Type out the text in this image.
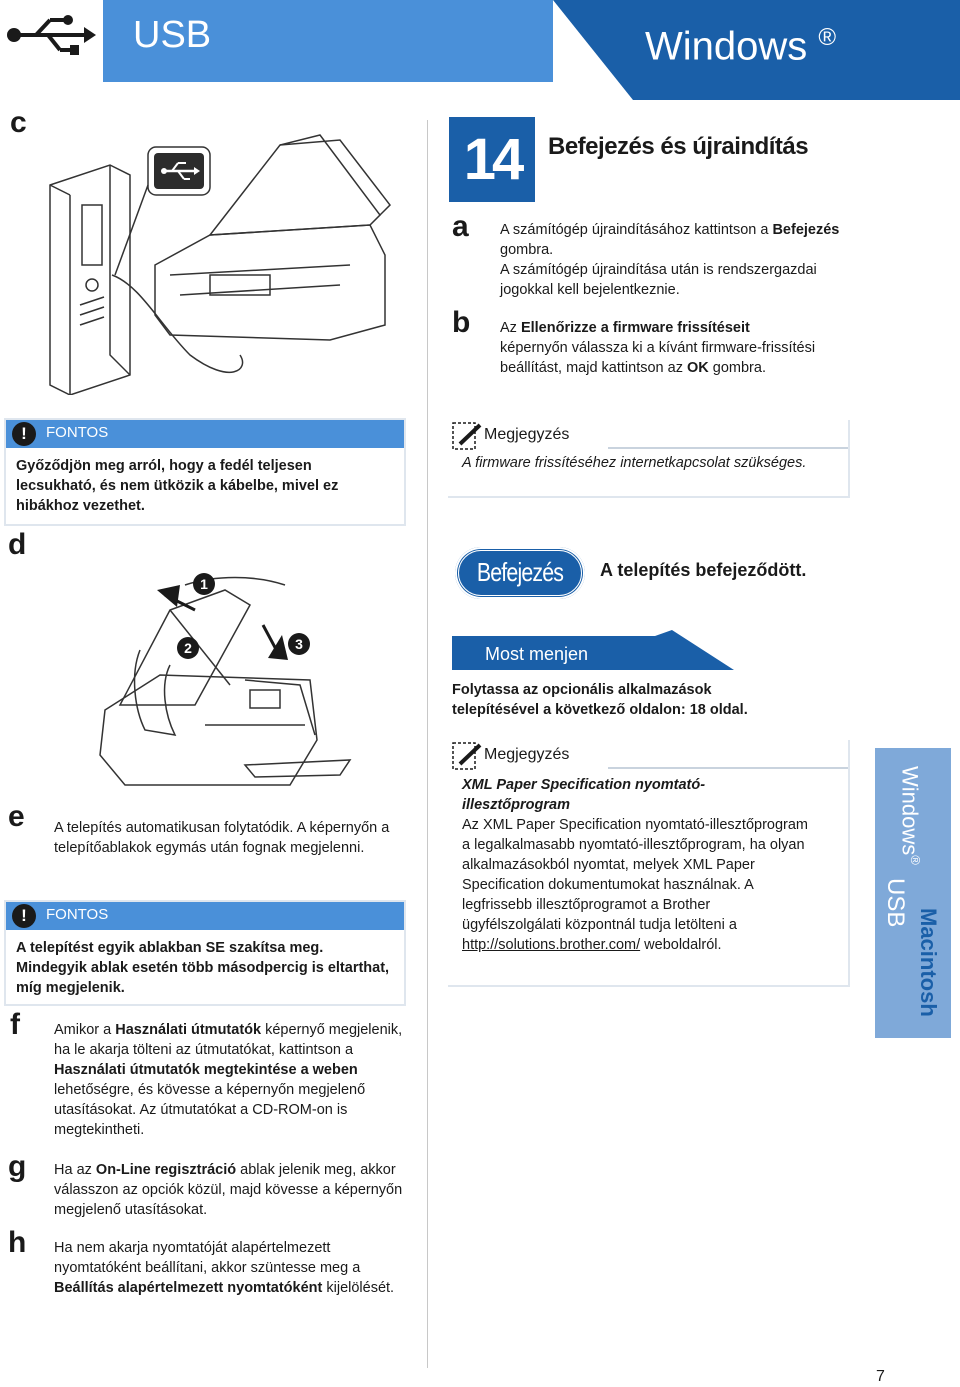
USB	Windows ®
c
!	FONTOS
Győződjön meg arról, hogy a fedél teljesen lecsukható, és nem ütközik a kábelbe, mivel ez hibákhoz vezethet.
d
1
2	3
e A telepítés automatikusan folytatódik. A képernyőn a telepítőablakok egymás után fognak megjelenni.
!	FONTOS
A telepítést egyik ablakban SE szakítsa meg. Mindegyik ablak esetén több másodpercig is eltarthat, míg megjelenik.
f Amikor a Használati útmutatók képernyő megjelenik, ha le akarja tölteni az útmutatókat, kattintson a Használati útmutatók megtekintése a weben lehetőségre, és kövesse a képernyőn megjelenő utasításokat. Az útmutatókat a CD-ROM-on is megtekintheti.
g Ha az On-Line regisztráció ablak jelenik meg, akkor válasszon az opciók közül, majd kövesse a képernyőn megjelenő utasításokat.
h Ha nem akarja nyomtatóját alapértelmezett nyomtatóként beállítani, akkor szüntesse meg a Beállítás alapértelmezett nyomtatóként kijelölését.
14	Befejezés és újraindítás
a A számítógép újraindításához kattintson a Befejezés gombra.
A számítógép újraindítása után is rendszergazdai jogokkal kell bejelentkeznie.
b Az Ellenőrizze a firmware frissítéseit képernyőn válassza ki a kívánt firmware-frissítési beállítást, majd kattintson az OK gombra.
Megjegyzés
A firmware frissítéséhez internetkapcsolat szükséges.
Befejezés	A telepítés befejeződött.
Most menjen
Folytassa az opcionális alkalmazások telepítésével a következő oldalon: 18 oldal.
Megjegyzés
XML Paper Specification nyomtató-illesztőprogram
Az XML Paper Specification nyomtató-illesztőprogram a legalkalmasabb nyomtató-illesztőprogram, ha olyan alkalmazásokból nyomtat, melyek XML Paper Specification dokumentumokat használnak. A legfrissebb illesztőprogramot a Brother ügyfélszolgálati központnál tudja letölteni a http://solutions.brother.com/ weboldalról.
Windows®
USB
Macintosh
7
